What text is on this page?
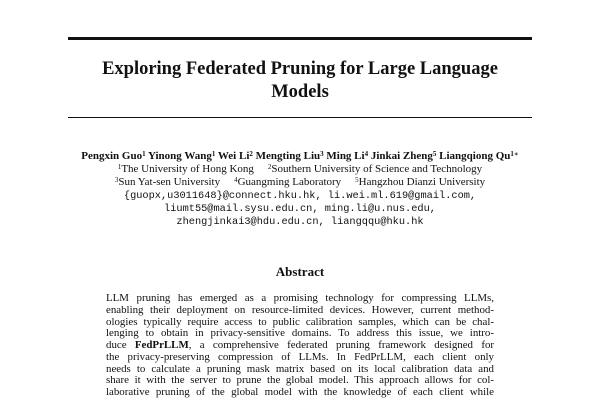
Exploring Federated Pruning for Large Language
Models
Pengxin Guo$^1$ Yinong Wang$^1$ Wei Li$^2$ Mengting Liu$^3$ Ming Li$^4$ Jinkai Zheng$^5$ Liangqiong $Qu^{1∗}$
$^1$The University of Hong Kong $^2$Southern University of Science and Technology
$^3$Sun Yat-sen University $^4$Guangming Laboratory $^5$Hangzhou Dianzi University
{guopx,u3011648}@connect.hku.hk, li.wei.ml.619@gmail.com,
liumt55@mail.sysu.edu.cn, ming.li@u.nus.edu,
zhengjinkai3@hdu.edu.cn, liangqqu@hku.hk
Abstract
LLM pruning has emerged as a promising technology for compressing LLMs,
enabling their deployment on resource-limited devices. However, current method-
ologies typically require access to public calibration samples, which can be chal-
lenging to obtain in privacy-sensitive domains. To address this issue, we intro-
duce FedPrLLM, a comprehensive federated pruning framework designed for
the privacy-preserving compression of LLMs. In FedPrLLM, each client only
needs to calculate a pruning mask matrix based on its local calibration data and
share it with the server to prune the global model. This approach allows for col-
laborative pruning of the global model with the knowledge of each client while
